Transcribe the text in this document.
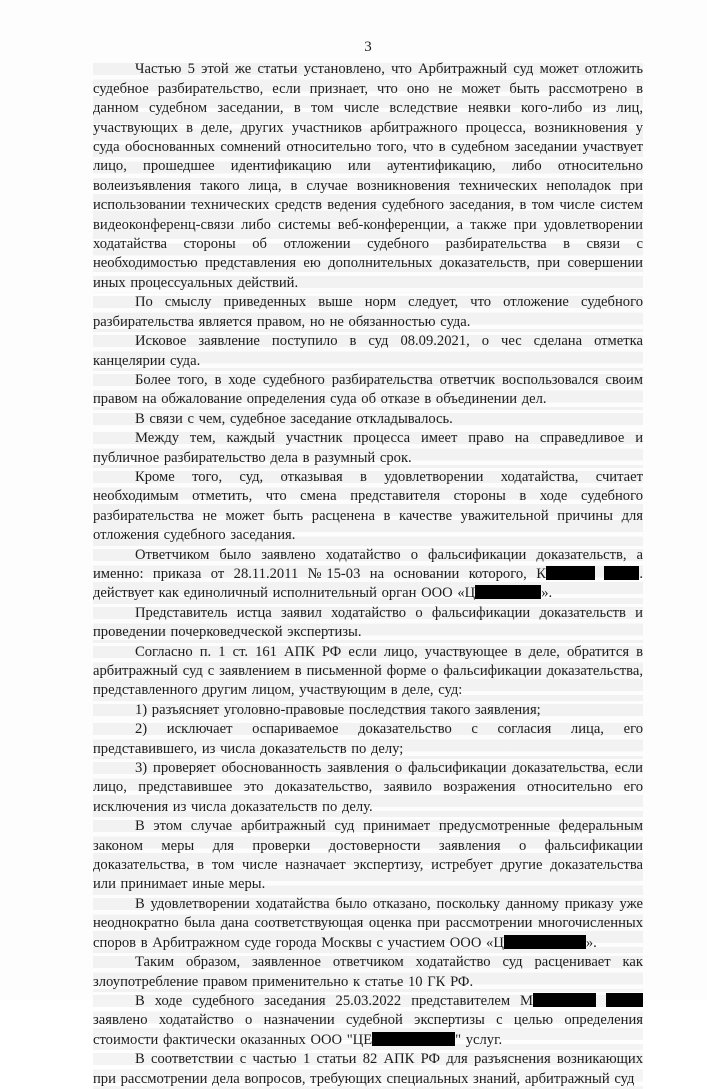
3

Частью 5 этой же статьи установлено, что Арбитражный суд может отложить судебное разбирательство, если признает, что оно не может быть рассмотрено в данном судебном заседании, в том числе вследствие неявки кого-либо из лиц, участвующих в деле, других участников арбитражного процесса, возникновения у суда обоснованных сомнений относительно того, что в судебном заседании участвует лицо, прошедшее идентификацию или аутентификацию, либо относительно волеизъявления такого лица, в случае возникновения технических неполадок при использовании технических средств ведения судебного заседания, в том числе систем видеоконференц-связи либо системы веб-конференции, а также при удовлетворении ходатайства стороны об отложении судебного разбирательства в связи с необходимостью представления ею дополнительных доказательств, при совершении иных процессуальных действий.

По смыслу приведенных выше норм следует, что отложение судебного разбирательства является правом, но не обязанностью суда.

Исковое заявление поступило в суд 08.09.2021, о чес сделана отметка канцелярии суда.

Более того, в ходе судебного разбирательства ответчик воспользовался своим правом на обжалование определения суда об отказе в объединении дел.

В связи с чем, судебное заседание откладывалось.

Между тем, каждый участник процесса имеет право на справедливое и публичное разбирательство дела в разумный срок.

Кроме того, суд, отказывая в удовлетворении ходатайства, считает необходимым отметить, что смена представителя стороны в ходе судебного разбирательства не может быть расценена в качестве уважительной причины для отложения судебного заседания.

Ответчиком было заявлено ходатайство о фальсификации доказательств, а именно: приказа от 28.11.2011 №15-03 на основании которого, К	. действует как единоличный исполнительный орган ООО «Ц	».

Представитель истца заявил ходатайство о фальсификации доказательств и проведении почерковедческой экспертизы.

Согласно п. 1 ст. 161 АПК РФ если лицо, участвующее в деле, обратится в арбитражный суд с заявлением в письменной форме о фальсификации доказательства, представленного другим лицом, участвующим в деле, суд:

1) разъясняет уголовно-правовые последствия такого заявления;

2) исключает оспариваемое доказательство с согласия лица, его представившего, из числа доказательств по делу;

3) проверяет обоснованность заявления о фальсификации доказательства, если лицо, представившее это доказательство, заявило возражения относительно его исключения из числа доказательств по делу.

В этом случае арбитражный суд принимает предусмотренные федеральным законом меры для проверки достоверности заявления о фальсификации доказательства, в том числе назначает экспертизу, истребует другие доказательства или принимает иные меры.

В удовлетворении ходатайства было отказано, поскольку данному приказу уже неоднократно была дана соответствующая оценка при рассмотрении многочисленных споров в Арбитражном суде города Москвы с участием ООО «Ц	».

Таким образом, заявленное ответчиком ходатайство суд расценивает как злоупотребление правом применительно к статье 10 ГК РФ.

В ходе судебного заседания 25.03.2022 представителем М  заявлено ходатайство о назначении судебной экспертизы с целью определения стоимости фактически оказанных ООО "ЦЕ	" услуг.

В соответствии с частью 1 статьи 82 АПК РФ для разъяснения возникающих при рассмотрении дела вопросов, требующих специальных знаний, арбитражный суд
